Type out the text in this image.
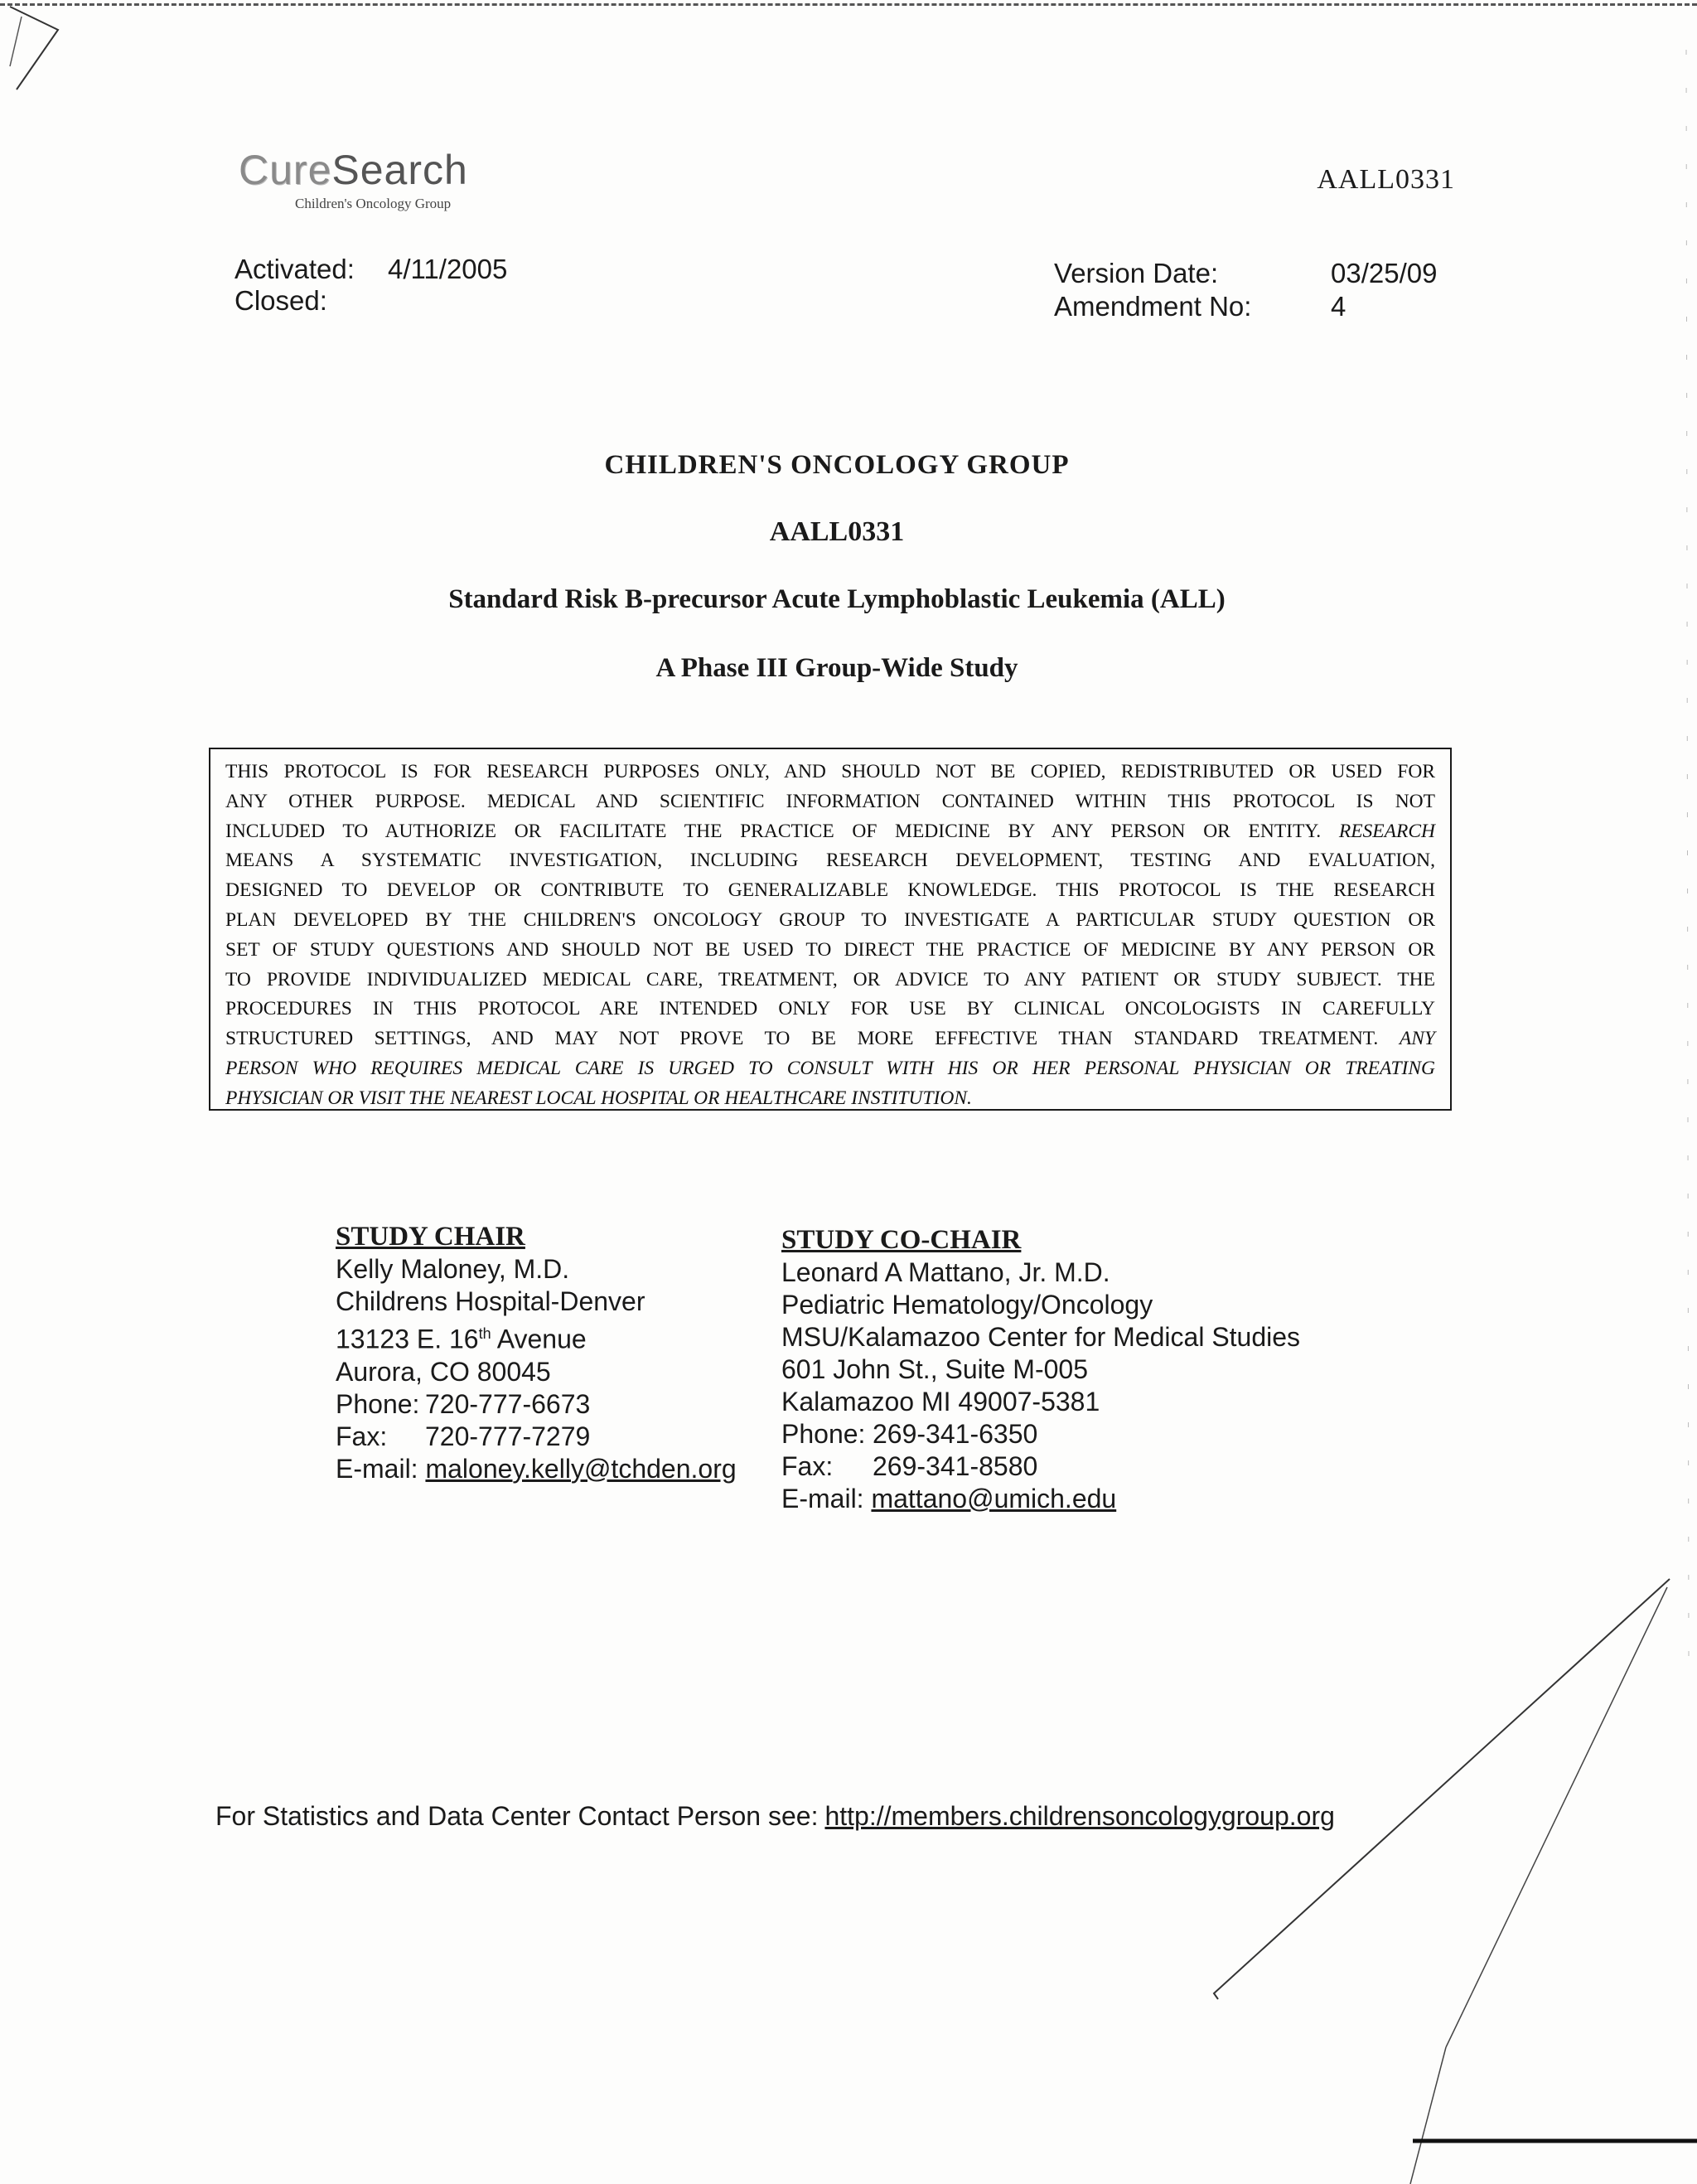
CureSearch
Children's Oncology Group
AALL0331
Activated: 4/11/2005
Closed:
Version Date:	03/25/09
Amendment No:	4
CHILDREN'S ONCOLOGY GROUP
AALL0331
Standard Risk B-precursor Acute Lymphoblastic Leukemia (ALL)
A Phase III Group-Wide Study
THIS PROTOCOL IS FOR RESEARCH PURPOSES ONLY, AND SHOULD NOT BE COPIED, REDISTRIBUTED OR USED FOR
ANY OTHER PURPOSE. MEDICAL AND SCIENTIFIC INFORMATION CONTAINED WITHIN THIS PROTOCOL IS NOT
INCLUDED TO AUTHORIZE OR FACILITATE THE PRACTICE OF MEDICINE BY ANY PERSON OR ENTITY. RESEARCH
MEANS A SYSTEMATIC INVESTIGATION, INCLUDING RESEARCH DEVELOPMENT, TESTING AND EVALUATION,
DESIGNED TO DEVELOP OR CONTRIBUTE TO GENERALIZABLE KNOWLEDGE. THIS PROTOCOL IS THE RESEARCH
PLAN DEVELOPED BY THE CHILDREN'S ONCOLOGY GROUP TO INVESTIGATE A PARTICULAR STUDY QUESTION OR
SET OF STUDY QUESTIONS AND SHOULD NOT BE USED TO DIRECT THE PRACTICE OF MEDICINE BY ANY PERSON OR
TO PROVIDE INDIVIDUALIZED MEDICAL CARE, TREATMENT, OR ADVICE TO ANY PATIENT OR STUDY SUBJECT. THE
PROCEDURES IN THIS PROTOCOL ARE INTENDED ONLY FOR USE BY CLINICAL ONCOLOGISTS IN CAREFULLY
STRUCTURED SETTINGS, AND MAY NOT PROVE TO BE MORE EFFECTIVE THAN STANDARD TREATMENT. ANY
PERSON WHO REQUIRES MEDICAL CARE IS URGED TO CONSULT WITH HIS OR HER PERSONAL PHYSICIAN OR TREATING
PHYSICIAN OR VISIT THE NEAREST LOCAL HOSPITAL OR HEALTHCARE INSTITUTION.
STUDY CHAIR
Kelly Maloney, M.D.
Childrens Hospital-Denver
13123 E. 16th Avenue
Aurora, CO 80045
Phone: 720-777-6673
Fax: 720-777-7279
E-mail: maloney.kelly@tchden.org
STUDY CO-CHAIR
Leonard A Mattano, Jr. M.D.
Pediatric Hematology/Oncology
MSU/Kalamazoo Center for Medical Studies
601 John St., Suite M-005
Kalamazoo MI 49007-5381
Phone: 269-341-6350
Fax: 269-341-8580
E-mail: mattano@umich.edu
For Statistics and Data Center Contact Person see: http://members.childrensoncologygroup.org
